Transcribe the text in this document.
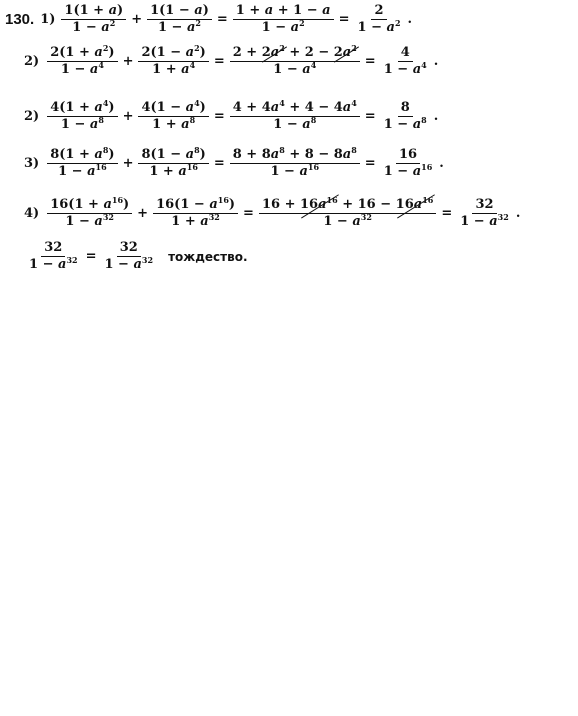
130. $1) \frac{1(1 + a)}{1 - a^2} + \frac{1(1 - a)}{1 - a^2} = \frac{1 + a + 1 - a}{1 - a^2} = \frac{2}{1 - a^2}$ .
$2) \frac{2(1 + a^2)}{1 - a^4} + \frac{2(1 - a^2)}{1 + a^4} = \frac{2 + 2a^2 + 2 - 2a^2}{1 - a^4} = \frac{4}{1 - a^4}$ .
$2) \frac{4(1 + a^4)}{1 - a^8} + \frac{4(1 - a^4)}{1 + a^8} = \frac{4 + 4a^4 + 4 - 4a^4}{1 - a^8} = \frac{8}{1 - a^8}$ .
$3) \frac{8(1 + a^8)}{1 - a^{16}} + \frac{8(1 - a^8)}{1 + a^{16}} = \frac{8 + 8a^8 + 8 - 8a^8}{1 - a^{16}} = \frac{16}{1 - a^{16}}$ .
$4) \frac{16(1 + a^{16})}{1 - a^{32}} + \frac{16(1 - a^{16})}{1 + a^{32}} = \frac{16 + 16a^{16} + 16 - 16a^{16}}{1 - a^{32}} = \frac{32}{1 - a^{32}}$ .
$\frac{32}{1 - a^{32}} = \frac{32}{1 - a^{32}}$ тождество.
